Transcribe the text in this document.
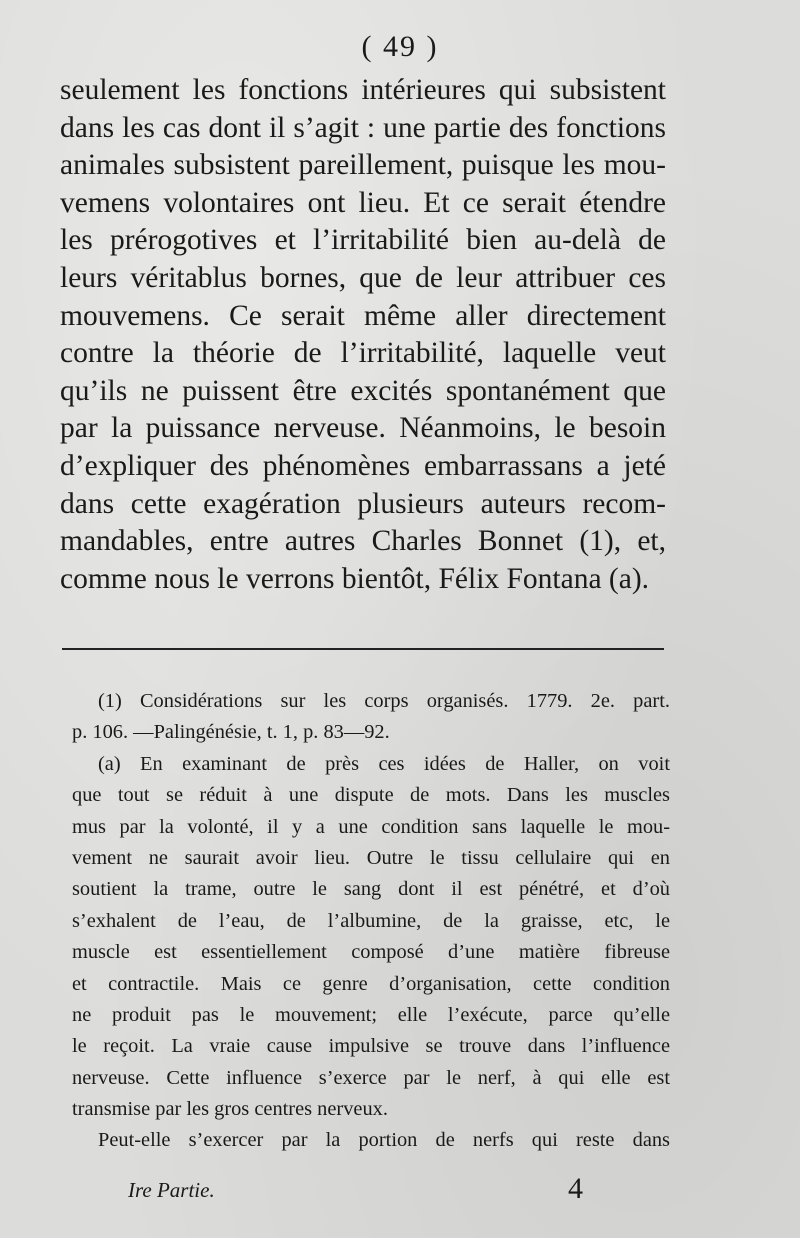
( 49 )
seulement les fonctions intérieures qui subsistent
dans les cas dont il s’agit : une partie des fonctions
animales subsistent pareillement, puisque les mou-
vemens volontaires ont lieu. Et ce serait étendre
les prérogotives et l’irritabilité bien au-delà de
leurs véritablus bornes, que de leur attribuer ces
mouvemens. Ce serait même aller directement
contre la théorie de l’irritabilité, laquelle veut
qu’ils ne puissent être excités spontanément que
par la puissance nerveuse. Néanmoins, le besoin
d’expliquer des phénomènes embarrassans a jeté
dans cette exagération plusieurs auteurs recom-
mandables, entre autres Charles Bonnet (1), et,
comme nous le verrons bientôt, Félix Fontana (a).
(1) Considérations sur les corps organisés. 1779. 2e. part.
p. 106. —Palingénésie, t. 1, p. 83—92.
(a) En examinant de près ces idées de Haller, on voit
que tout se réduit à une dispute de mots. Dans les muscles
mus par la volonté, il y a une condition sans laquelle le mou-
vement ne saurait avoir lieu. Outre le tissu cellulaire qui en
soutient la trame, outre le sang dont il est pénétré, et d’où
s’exhalent de l’eau, de l’albumine, de la graisse, etc, le
muscle est essentiellement composé d’une matière fibreuse
et contractile. Mais ce genre d’organisation, cette condition
ne produit pas le mouvement; elle l’exécute, parce qu’elle
le reçoit. La vraie cause impulsive se trouve dans l’influence
nerveuse. Cette influence s’exerce par le nerf, à qui elle est
transmise par les gros centres nerveux.
Peut-elle s’exercer par la portion de nerfs qui reste dans
Ire Partie.	4
